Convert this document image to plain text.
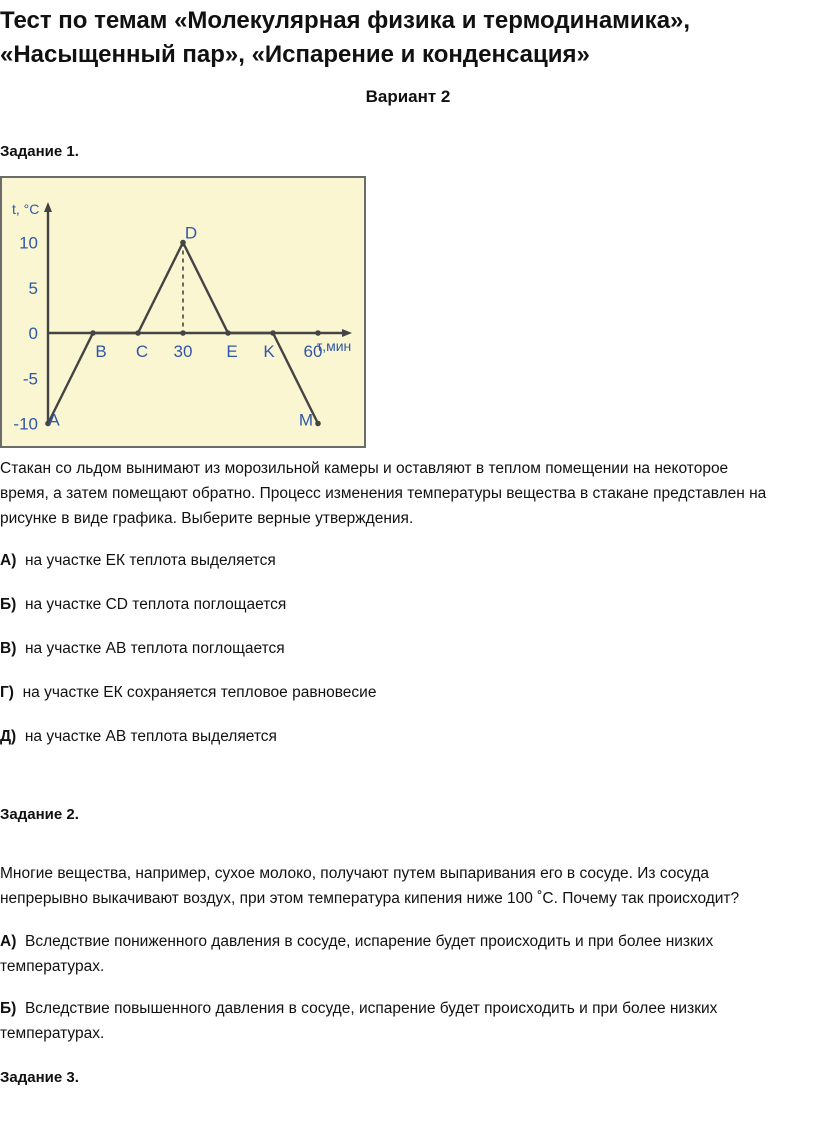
Тест по темам «Молекулярная физика и термодинамика»,
«Насыщенный пар», «Испарение и конденсация»
Вариант 2
Задание 1.
t, °C
τ,мин
10
5
0
-5
-10
30	60
A
B C
D
E K
M
Стакан со льдом вынимают из морозильной камеры и оставляют в теплом помещении на некоторое
время, а затем помещают обратно. Процесс изменения температуры вещества в стакане представлен на
рисунке в виде графика. Выберите верные утверждения.
А) на участке ЕК теплота выделяется
Б) на участке CD теплота поглощается
В) на участке АВ теплота поглощается
Г) на участке ЕК сохраняется тепловое равновесие
Д) на участке АВ теплота выделяется
Задание 2.
Многие вещества, например, сухое молоко, получают путем выпаривания его в сосуде. Из сосуда
непрерывно выкачивают воздух, при этом температура кипения ниже 100 ˚С. Почему так происходит?
А) Вследствие пониженного давления в сосуде, испарение будет происходить и при более низких
температурах.
Б) Вследствие повышенного давления в сосуде, испарение будет происходить и при более низких
температурах.
Задание 3.
